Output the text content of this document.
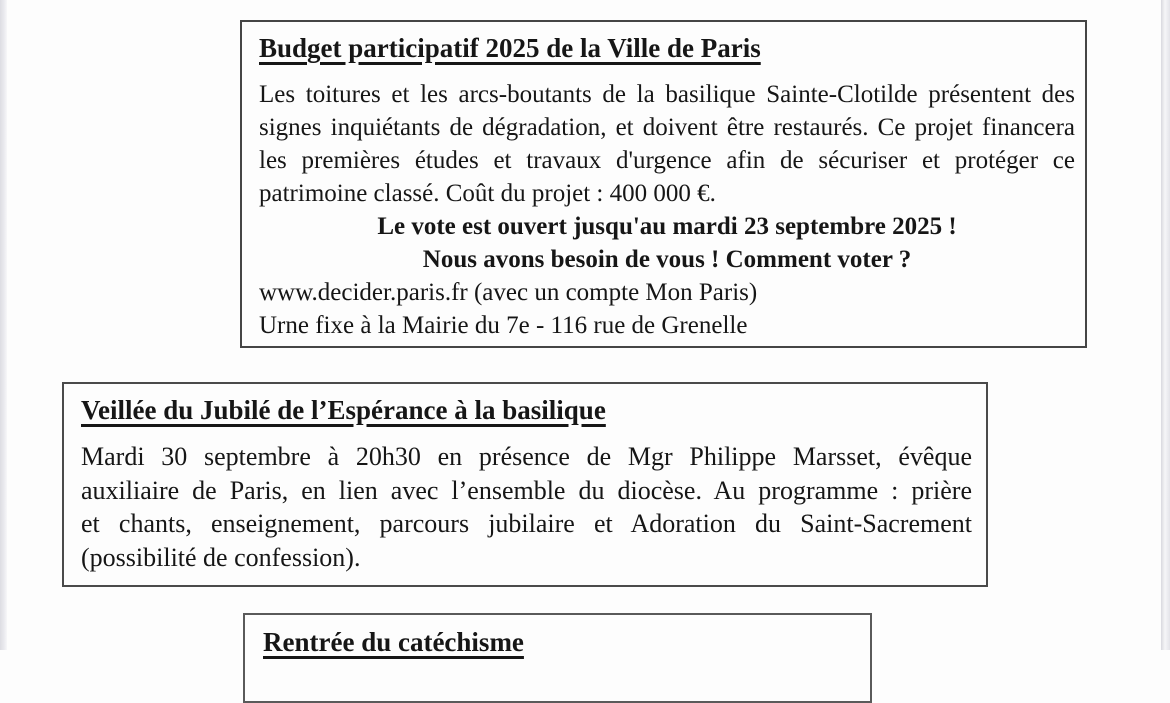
Budget participatif 2025 de la Ville de Paris
Les toitures et les arcs-boutants de la basilique Sainte-Clotilde présentent des
signes inquiétants de dégradation, et doivent être restaurés. Ce projet financera
les premières études et travaux d'urgence afin de sécuriser et protéger ce
patrimoine classé. Coût du projet : 400 000 €.

Le vote est ouvert jusqu'au mardi 23 septembre 2025 !

Nous avons besoin de vous ! Comment voter ?

www.decider.paris.fr (avec un compte Mon Paris)

Urne fixe à la Mairie du 7e - 116 rue de Grenelle

Veillée du Jubilé de l’Espérance à la basilique
Mardi 30 septembre à 20h30 en présence de Mgr Philippe Marsset, évêque
auxiliaire de Paris, en lien avec l’ensemble du diocèse. Au programme : prière
et chants, enseignement, parcours jubilaire et Adoration du Saint-Sacrement
(possibilité de confession).
Rentrée du catéchisme
